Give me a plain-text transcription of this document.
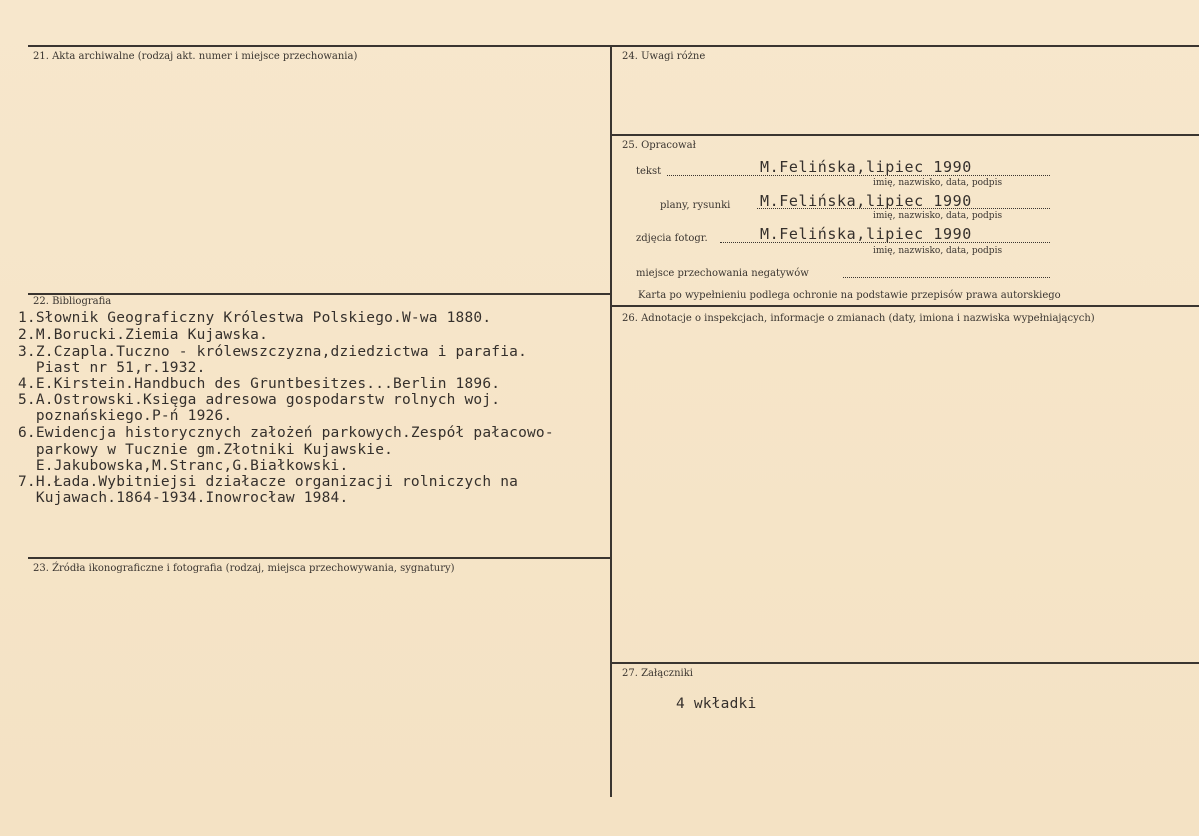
21. Akta archiwalne (rodzaj akt. numer i miejsce przechowania)
22. Bibliografia
1.Słownik Geograficzny Królestwa Polskiego.W-wa 1880.
2.M.Borucki.Ziemia Kujawska.
3.Z.Czapla.Tuczno - królewszczyzna,dziedzictwa i parafia.
Piast nr 51,r.1932.
4.E.Kirstein.Handbuch des Gruntbesitzes...Berlin 1896.
5.A.Ostrowski.Księga adresowa gospodarstw rolnych woj.
poznańskiego.P-ń 1926.
6.Ewidencja historycznych założeń parkowych.Zespół pałacowo-
parkowy w Tucznie gm.Złotniki Kujawskie.
E.Jakubowska,M.Stranc,G.Białkowski.
7.H.Łada.Wybitniejsi działacze organizacji rolniczych na
Kujawach.1864-1934.Inowrocław 1984.
23. Źródła ikonograficzne i fotografia (rodzaj, miejsca przechowywania, sygnatury)
24. Uwagi różne
25. Opracował
tekst	M.Felińska,lipiec 1990
imię, nazwisko, data, podpis
plany, rysunki M.Felińska,lipiec 1990
imię, nazwisko, data, podpis
zdjęcia fotogr.	M.Felińska,lipiec 1990
imię, nazwisko, data, podpis
miejsce przechowania negatywów
Karta po wypełnieniu podlega ochronie na podstawie przepisów prawa autorskiego
26. Adnotacje o inspekcjach, informacje o zmianach (daty, imiona i nazwiska wypełniających)
27. Załączniki
4 wkładki
